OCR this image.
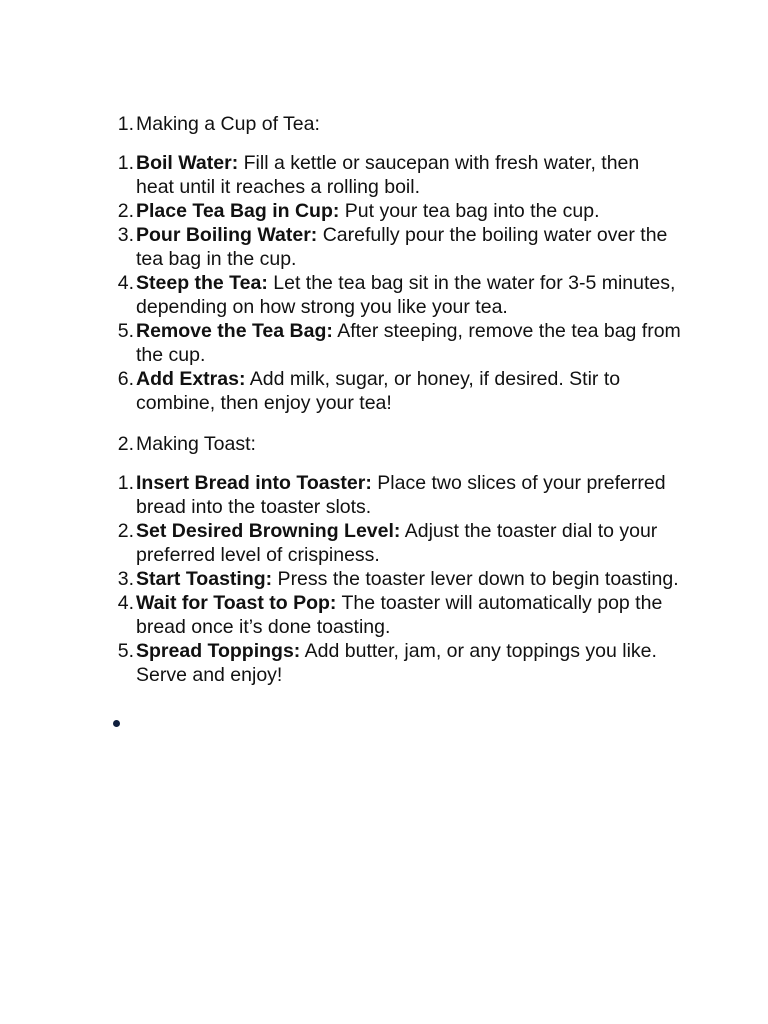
1. Making a Cup of Tea:
1. Boil Water: Fill a kettle or saucepan with fresh water, then heat until it reaches a rolling boil.
2. Place Tea Bag in Cup: Put your tea bag into the cup.
3. Pour Boiling Water: Carefully pour the boiling water over the tea bag in the cup.
4. Steep the Tea: Let the tea bag sit in the water for 3-5 minutes, depending on how strong you like your tea.
5. Remove the Tea Bag: After steeping, remove the tea bag from the cup.
6. Add Extras: Add milk, sugar, or honey, if desired. Stir to combine, then enjoy your tea!
2. Making Toast:
1. Insert Bread into Toaster: Place two slices of your preferred bread into the toaster slots.
2. Set Desired Browning Level: Adjust the toaster dial to your preferred level of crispiness.
3. Start Toasting: Press the toaster lever down to begin toasting.
4. Wait for Toast to Pop: The toaster will automatically pop the bread once it’s done toasting.
5. Spread Toppings: Add butter, jam, or any toppings you like. Serve and enjoy!
